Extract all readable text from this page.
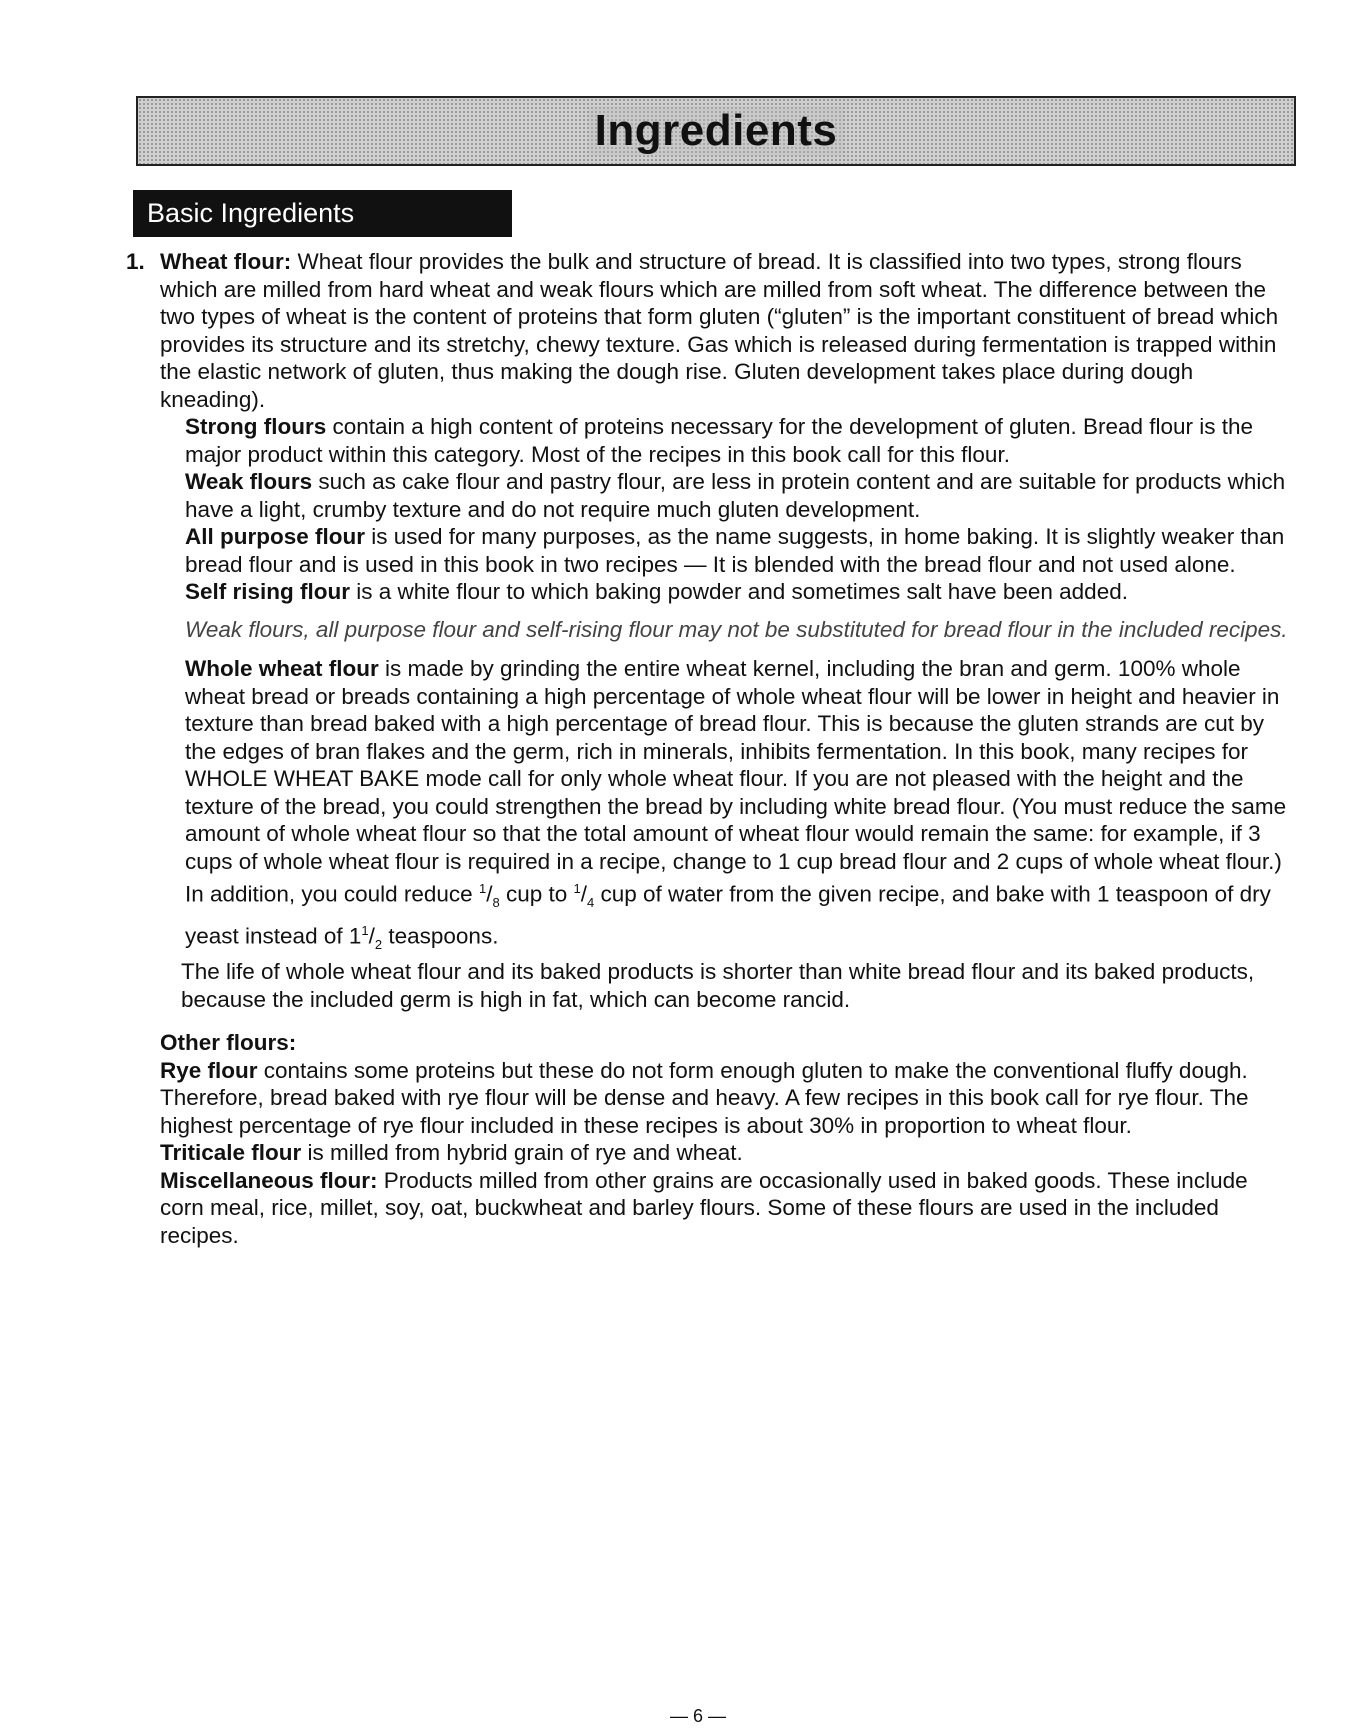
Ingredients
Basic Ingredients
1. Wheat flour: Wheat flour provides the bulk and structure of bread. It is classified into two types, strong flours which are milled from hard wheat and weak flours which are milled from soft wheat. The difference between the two types of wheat is the content of proteins that form gluten (“gluten” is the important constituent of bread which provides its structure and its stretchy, chewy texture. Gas which is released during fermentation is trapped within the elastic network of gluten, thus making the dough rise. Gluten development takes place during dough kneading).

Strong flours contain a high content of proteins necessary for the development of gluten. Bread flour is the major product within this category. Most of the recipes in this book call for this flour.

Weak flours such as cake flour and pastry flour, are less in protein content and are suitable for products which have a light, crumby texture and do not require much gluten development.

All purpose flour is used for many purposes, as the name suggests, in home baking. It is slightly weaker than bread flour and is used in this book in two recipes — It is blended with the bread flour and not used alone.

Self rising flour is a white flour to which baking powder and sometimes salt have been added.

Weak flours, all purpose flour and self-rising flour may not be substituted for bread flour in the included recipes.

Whole wheat flour is made by grinding the entire wheat kernel, including the bran and germ. 100% whole wheat bread or breads containing a high percentage of whole wheat flour will be lower in height and heavier in texture than bread baked with a high percentage of bread flour. This is because the gluten strands are cut by the edges of bran flakes and the germ, rich in minerals, inhibits fermentation. In this book, many recipes for WHOLE WHEAT BAKE mode call for only whole wheat flour. If you are not pleased with the height and the texture of the bread, you could strengthen the bread by including white bread flour. (You must reduce the same amount of whole wheat flour so that the total amount of wheat flour would remain the same: for example, if 3 cups of whole wheat flour is required in a recipe, change to 1 cup bread flour and 2 cups of whole wheat flour.) In addition, you could reduce $^1/_8$ cup to $^1/_4$ cup of water from the given recipe, and bake with 1 teaspoon of dry yeast instead of $1^1/_2$ teaspoons.

The life of whole wheat flour and its baked products is shorter than white bread flour and its baked products, because the included germ is high in fat, which can become rancid.

Other flours:

Rye flour contains some proteins but these do not form enough gluten to make the conventional fluffy dough. Therefore, bread baked with rye flour will be dense and heavy. A few recipes in this book call for rye flour. The highest percentage of rye flour included in these recipes is about 30% in proportion to wheat flour.

Triticale flour is milled from hybrid grain of rye and wheat.

Miscellaneous flour: Products milled from other grains are occasionally used in baked goods. These include corn meal, rice, millet, soy, oat, buckwheat and barley flours. Some of these flours are used in the included recipes.

— 6 —
